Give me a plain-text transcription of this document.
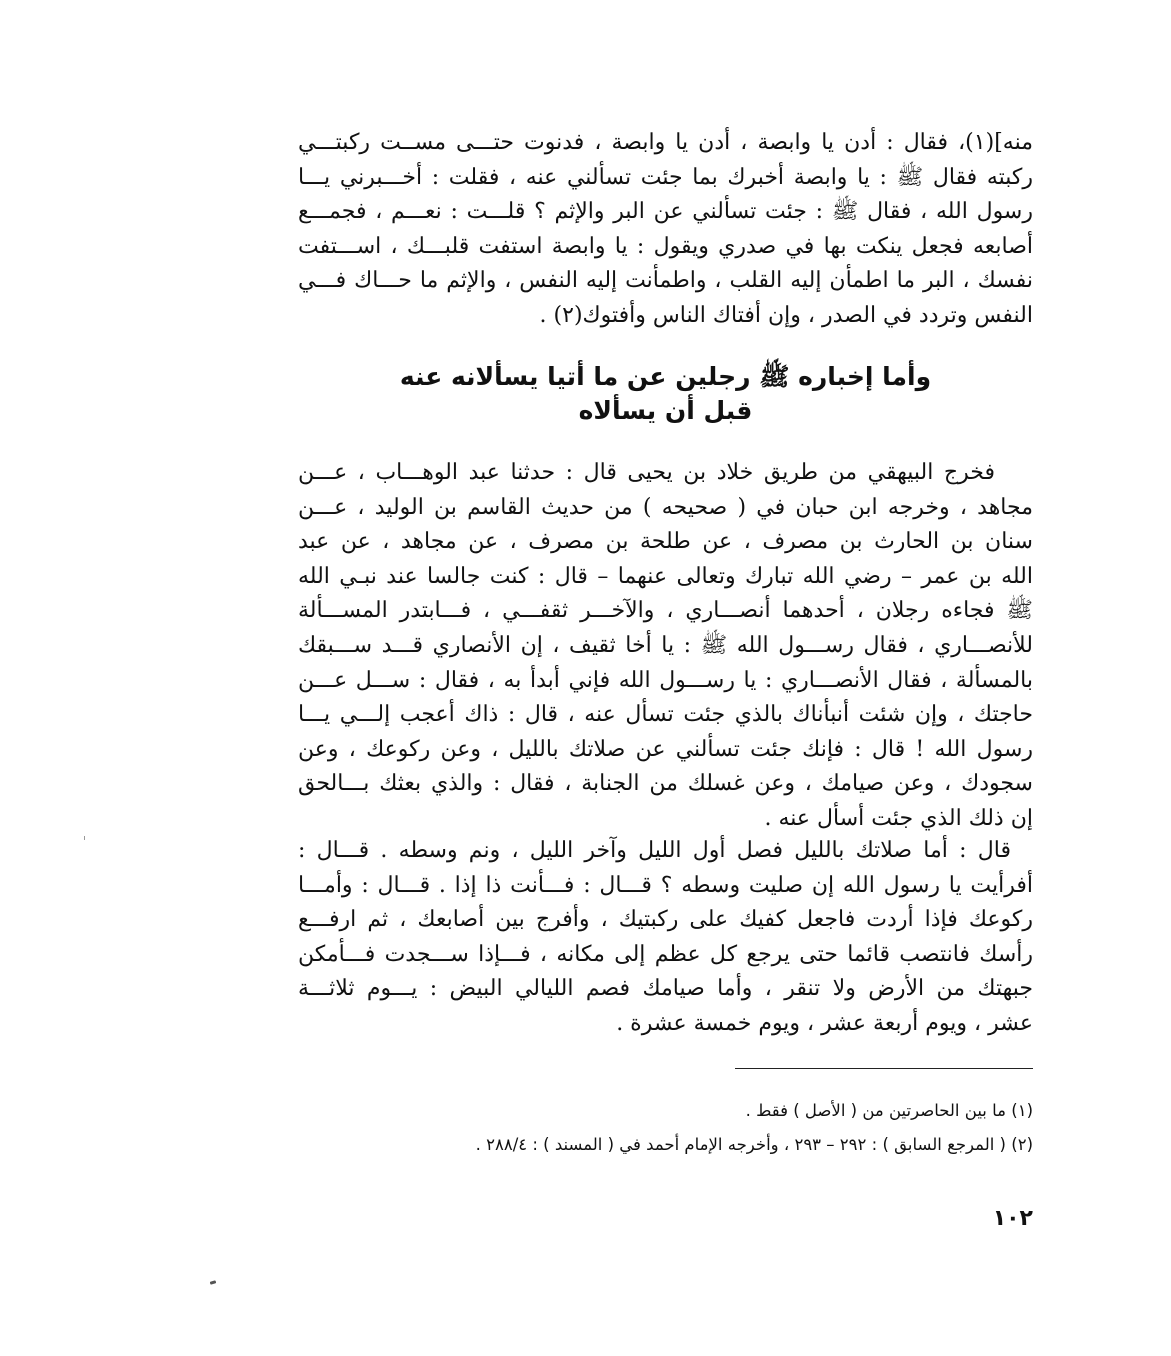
منه](١)، فقال : أدن يا وابصة ، أدن يا وابصة ، فدنوت حتـــى مســت ركبتـــي
ركبته فقال ﷺ : يا وابصة أخبرك بما جئت تسألني عنه ، فقلت : أخـــبرني يـــا
رسول الله ، فقال ﷺ : جئت تسألني عن البر والإثم ؟ قلـــت : نعـــم ، فجمـــع
أصابعه فجعل ينكت بها في صدري ويقول : يا وابصة استفت قلبـــك ، اســـتفت
نفسك ، البر ما اطمأن إليه القلب ، واطمأنت إليه النفس ، والإثم ما حـــاك فـــي
النفس وتردد في الصدر ، وإن أفتاك الناس وأفتوك(٢) .
وأما إخباره ﷺ رجلين عن ما أتيا يسألانه عنه
قبل أن يسألاه
فخرج البيهقي من طريق خلاد بن يحيى قال : حدثنا عبد الوهـــاب ، عـــن
مجاهد ، وخرجه ابن حبان في ( صحيحه ) من حديث القاسم بن الوليد ، عـــن
سنان بن الحارث بن مصرف ، عن طلحة بن مصرف ، عن مجاهد ، عن عبد
الله بن عمر – رضي الله تبارك وتعالى عنهما – قال : كنت جالسا عند نبـي الله
ﷺ فجاءه رجلان ، أحدهما أنصـــاري ، والآخـــر ثقفـــي ، فـــابتدر المســـألة
للأنصـــاري ، فقال رســـول الله ﷺ : يا أخا ثقيف ، إن الأنصاري قـــد ســـبقك
بالمسألة ، فقال الأنصـــاري : يا رســـول الله فإني أبدأ به ، فقال : ســـل عـــن
حاجتك ، وإن شئت أنبأناك بالذي جئت تسأل عنه ، قال : ذاك أعجب إلـــي يـــا
رسول الله ! قال : فإنك جئت تسألني عن صلاتك بالليل ، وعن ركوعك ، وعن
سجودك ، وعن صيامك ، وعن غسلك من الجنابة ، فقال : والذي بعثك بـــالحق
إن ذلك الذي جئت أسأل عنه .
قال : أما صلاتك بالليل فصل أول الليل وآخر الليل ، ونم وسطه . قـــال :
أفرأيت يا رسول الله إن صليت وسطه ؟ قـــال : فـــأنت ذا إذا . قـــال : وأمـــا
ركوعك فإذا أردت فاجعل كفيك على ركبتيك ، وأفرج بين أصابعك ، ثم ارفـــع
رأسك فانتصب قائما حتى يرجع كل عظم إلى مكانه ، فـــإذا ســـجدت فـــأمكن
جبهتك من الأرض ولا تنقر ، وأما صيامك فصم الليالي البيض : يـــوم ثلاثـــة
عشر ، ويوم أربعة عشر ، ويوم خمسة عشرة .
(١) ما بين الحاصرتين من ( الأصل ) فقط .
(٢) ( المرجع السابق ) : ٢٩٢ – ٢٩٣ ، وأخرجه الإمام أحمد في ( المسند ) : ٢٨٨/٤ .
١٠٢
